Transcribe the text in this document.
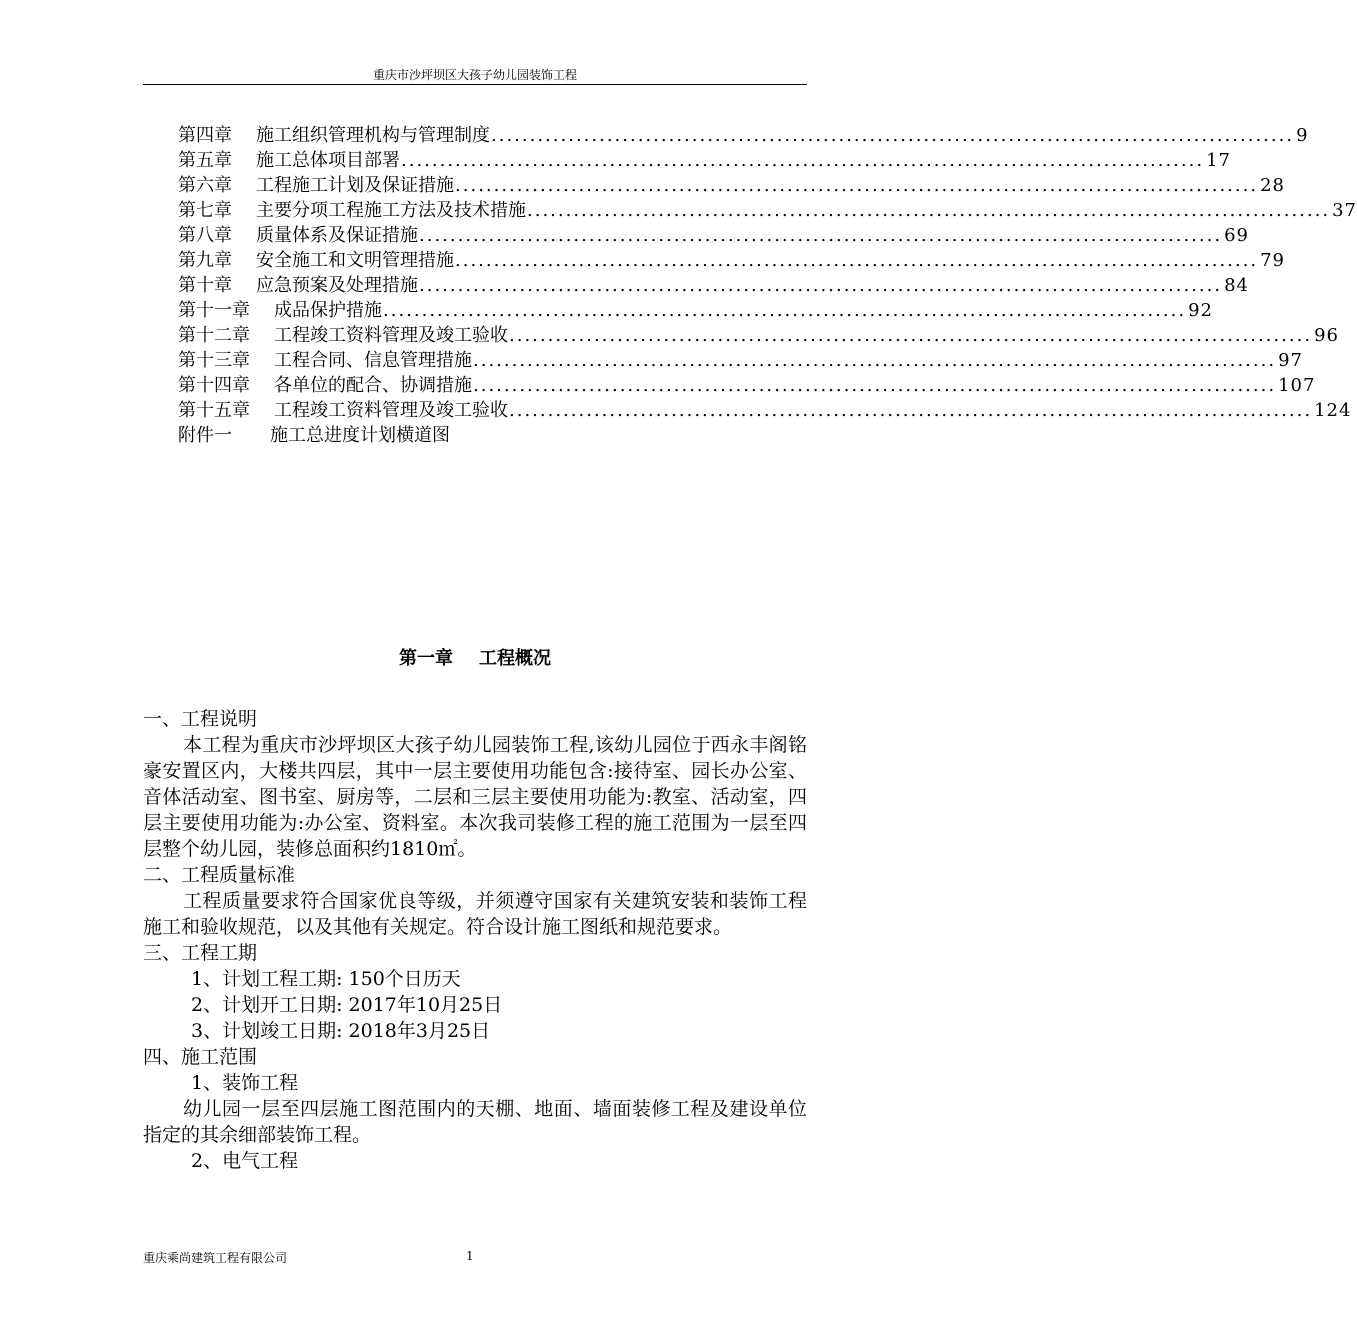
重庆市沙坪坝区大孩子幼儿园装饰工程
第四章 施工组织管理机构与管理制度 ........................................................................................................ 9
第五章 施工总体项目部署 ........................................................................................................ 17
第六章 工程施工计划及保证措施 ........................................................................................................ 28
第七章 主要分项工程施工方法及技术措施 ........................................................................................................ 37
第八章 质量体系及保证措施 ........................................................................................................ 69
第九章 安全施工和文明管理措施 ........................................................................................................ 79
第十章 应急预案及处理措施 ........................................................................................................ 84
第十一章 成品保护措施 ........................................................................................................ 92
第十二章 工程竣工资料管理及竣工验收 ........................................................................................................ 96
第十三章 工程合同、信息管理措施 ........................................................................................................ 97
第十四章 各单位的配合、协调措施 ........................................................................................................ 107
第十五章 工程竣工资料管理及竣工验收 ........................................................................................................ 124
附件一 施工总进度计划横道图
第一章 工程概况

一、工程说明

本工程为重庆市沙坪坝区大孩子幼儿园装饰工程,该幼儿园位于西永丰阁铭豪安置区内，大楼共四层，其中一层主要使用功能包含:接待室、园长办公室、音体活动室、图书室、厨房等，二层和三层主要使用功能为:教室、活动室，四层主要使用功能为:办公室、资料室。本次我司装修工程的施工范围为一层至四层整个幼儿园，装修总面积约1810㎡。

二、工程质量标准

工程质量要求符合国家优良等级，并须遵守国家有关建筑安装和装饰工程施工和验收规范，以及其他有关规定。符合设计施工图纸和规范要求。

三、工程工期

1、计划工程工期: 150个日历天

2、计划开工日期: 2017年10月25日

3、计划竣工日期: 2018年3月25日

四、施工范围

1、装饰工程

幼儿园一层至四层施工图范围内的天棚、地面、墙面装修工程及建设单位指定的其余细部装饰工程。

2、电气工程

重庆乘尚建筑工程有限公司	1
